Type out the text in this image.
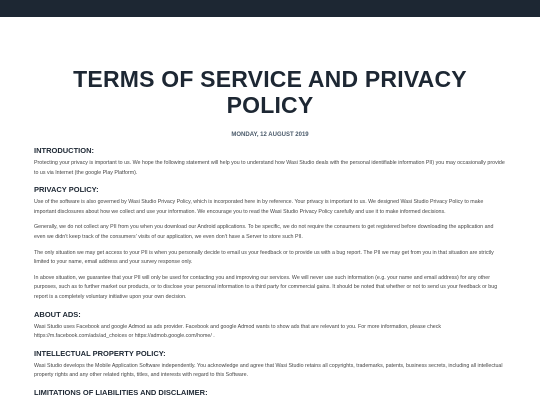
TERMS OF SERVICE AND PRIVACY POLICY
MONDAY, 12 AUGUST 2019
INTRODUCTION:

Protecting your privacy is important to us. We hope the following statement will help you to understand how Wasi Studio deals with the personal identifiable information PII) you may occasionally provide to us via Internet (the google Play Platform).

PRIVACY POLICY:

Use of the software is also governed by Wasi Studio Privacy Policy, which is incorporated here in by reference. Your privacy is important to us. We designed Wasi Studio Privacy Policy to make important disclosures about how we collect and use your information. We encourage you to read the Wasi Studio Privacy Policy carefully and use it to make informed decisions.

Generally, we do not collect any PII from you when you download our Android applications. To be specific, we do not require the consumers to get registered before downloading the application and even we didn't keep track of the consumers' visits of our application, we even don't have a Server to store such PII.

The only situation we may get access to your PII is when you personally decide to email us your feedback or to provide us with a bug report. The PII we may get from you in that situation are strictly limited to your name, email address and your survey response only.

In above situation, we guarantee that your PII will only be used for contacting you and improving our services. We will never use such information (e.g. your name and email address) for any other purposes, such as to further market our products, or to disclose your personal information to a third party for commercial gains. It should be noted that whether or not to send us your feedback or bug report is a completely voluntary initiative upon your own decision.

ABOUT ADS:

Wasi Studio uses Facebook and google Admod as ads provider. Facebook and google Admod wants to show ads that are relevant to you. For more information, please check https://m.facebook.com/ads/ad_choices or https://admob.google.com/home/ .

INTELLECTUAL PROPERTY POLICY:

Wasi Studio develops the Mobile Application Software independently. You acknowledge and agree that Wasi Studio retains all copyrights, trademarks, patents, business secrets, including all intellectual property rights and any other related rights, titles, and interests with regard to this Software.

LIMITATIONS OF LIABILITIES AND DISCLAIMER:
